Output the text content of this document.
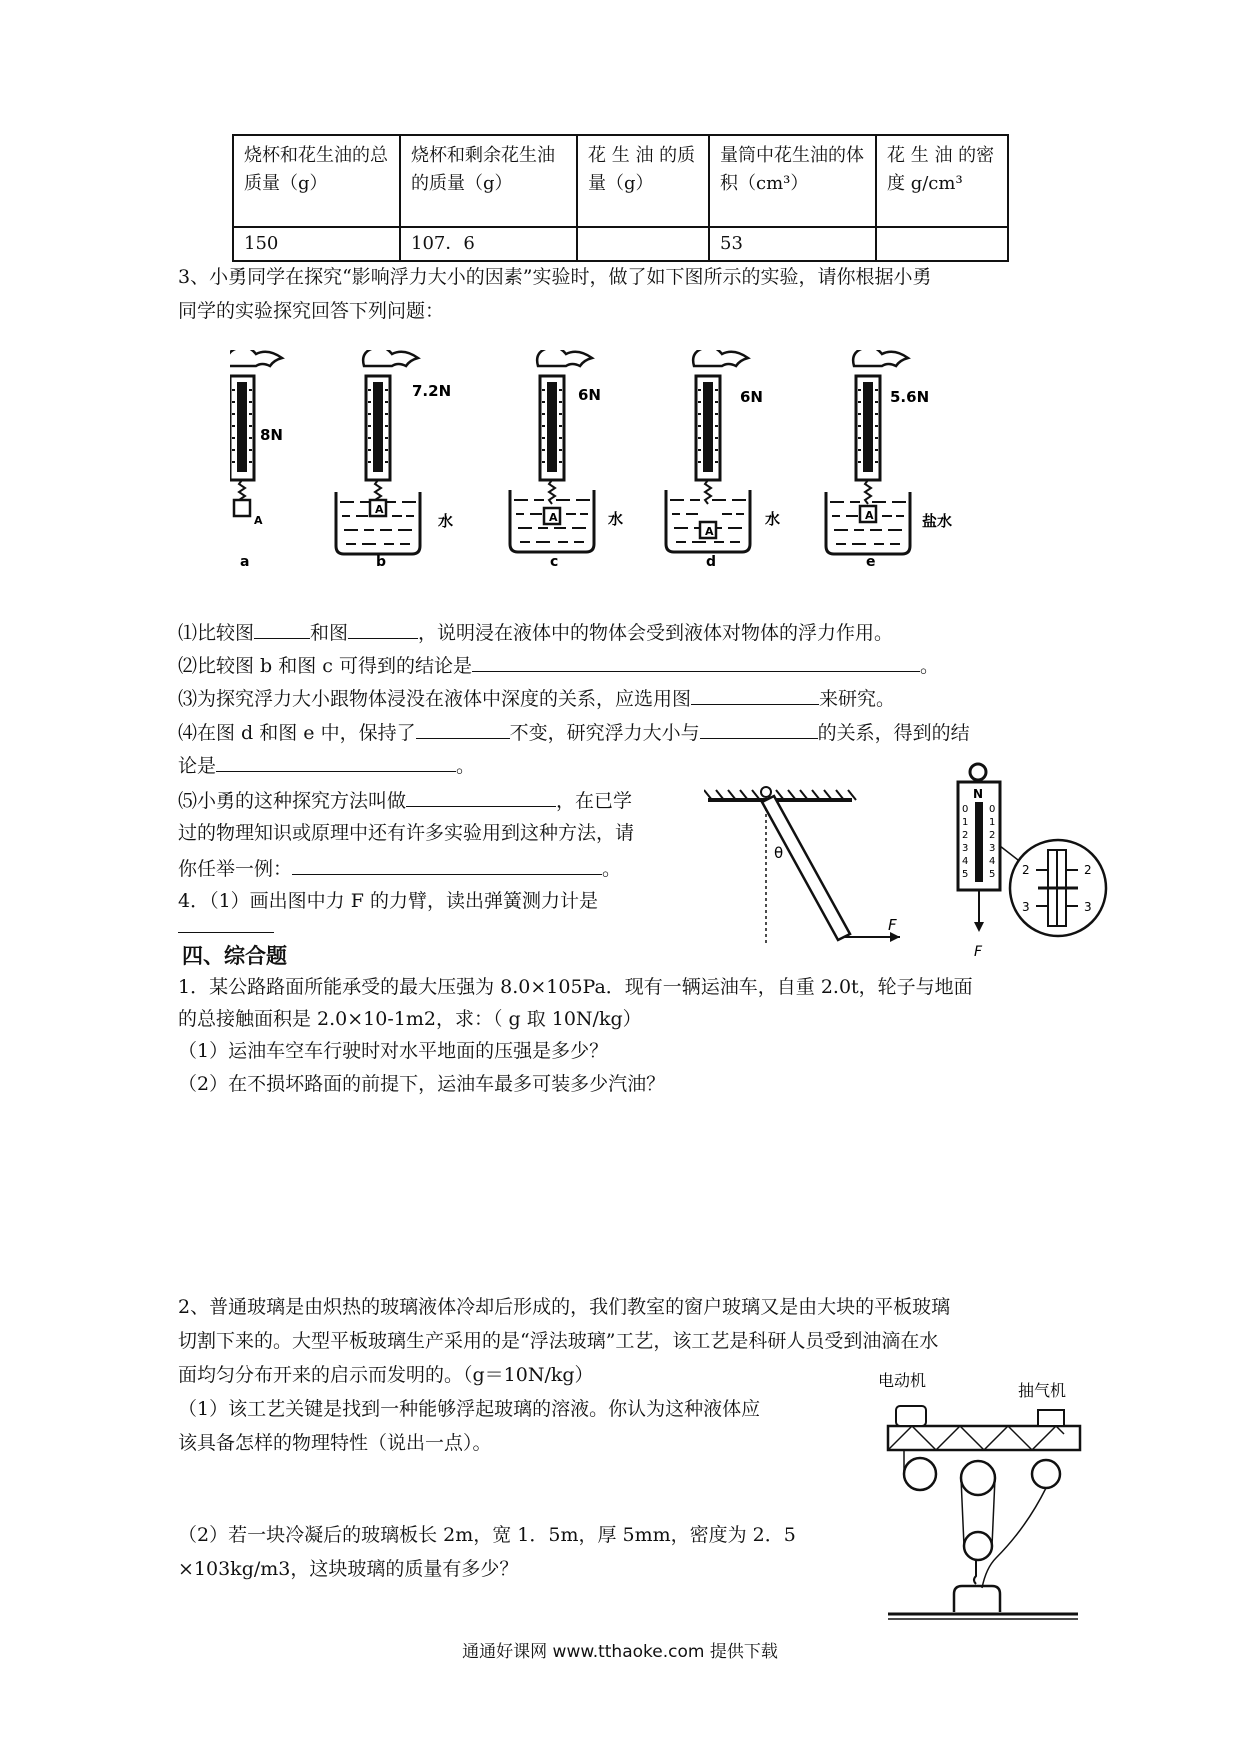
烧杯和花生油的总质量（g）	烧杯和剩余花生油的质量（g）	花 生 油 的质量（g）	量筒中花生油的体积（cm³）	花 生 油 的密度 g/cm³
150	107．6		53	
3、小勇同学在探究“影响浮力大小的因素”实验时，做了如下图所示的实验，请你根据小勇
同学的实验探究回答下列问题：
A
8N
a
A
7.2N
水
b
A
6N
水
c
A
6N
水
d
A
5.6N
盐水
e
⑴比较图	和图	，说明浸在液体中的物体会受到液体对物体的浮力作用。
⑵比较图 b 和图 c 可得到的结论是	。
⑶为探究浮力大小跟物体浸没在液体中深度的关系，应选用图	来研究。
⑷在图 d 和图 e 中，保持了	不变，研究浮力大小与	的关系，得到的结
论是	。
⑸小勇的这种探究方法叫做	，在已学
过的物理知识或原理中还有许多实验用到这种方法，请
你任举一例：	。
4．（1）画出图中力 F 的力臂，读出弹簧测力计是
θ
F
N
0
1
2
3
4
5
0
1
2
3
4
5
F
2	2
3	3
四、综合题
1．某公路路面所能承受的最大压强为 8.0×105Pa．现有一辆运油车，自重 2.0t，轮子与地面
的总接触面积是 2.0×10-1m2，求：（ g 取 10N/kg）
（1）运油车空车行驶时对水平地面的压强是多少？
（2）在不损坏路面的前提下，运油车最多可装多少汽油？
2、普通玻璃是由炽热的玻璃液体冷却后形成的，我们教室的窗户玻璃又是由大块的平板玻璃
切割下来的。大型平板玻璃生产采用的是“浮法玻璃”工艺，该工艺是科研人员受到油滴在水
面均匀分布开来的启示而发明的。（g＝10N/kg）
（1）该工艺关键是找到一种能够浮起玻璃的溶液。你认为这种液体应
该具备怎样的物理特性（说出一点）。
（2）若一块冷凝后的玻璃板长 2m，宽 1．5m，厚 5mm，密度为 2．5
×103kg/m3，这块玻璃的质量有多少？
电动机
抽气机
通通好课网 www.tthaoke.com 提供下载
